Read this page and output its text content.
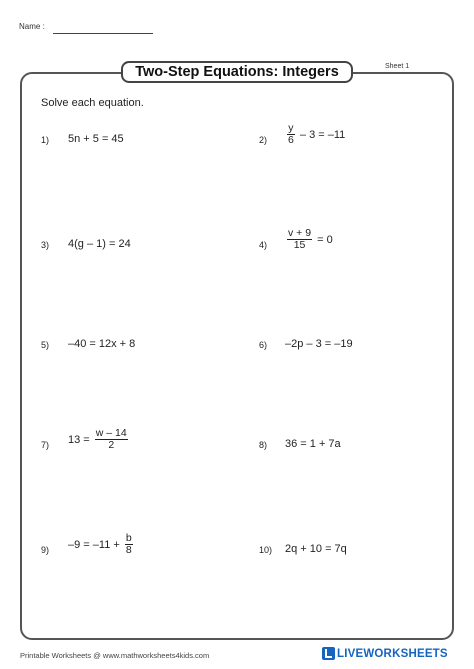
Name :
Two-Step Equations: Integers	Sheet 1
Solve each equation.
1) 5n + 5 = 45	$2) \frac{y}{6} - 3 = -11$
3) 4(g – 1) = 24	$4) \frac{v + 9}{15} = 0$
5) –40 = 12x + 8	6) –2p – 3 = –19
7) $13 = \frac{w - 14}{2}$	8) 36 = 1 + 7a
9) $-9 = -11 + \frac{b}{8}$	10) 2q + 10 = 7q
Printable Worksheets @ www.mathworksheets4kids.com	LIVEWORKSHEETS
